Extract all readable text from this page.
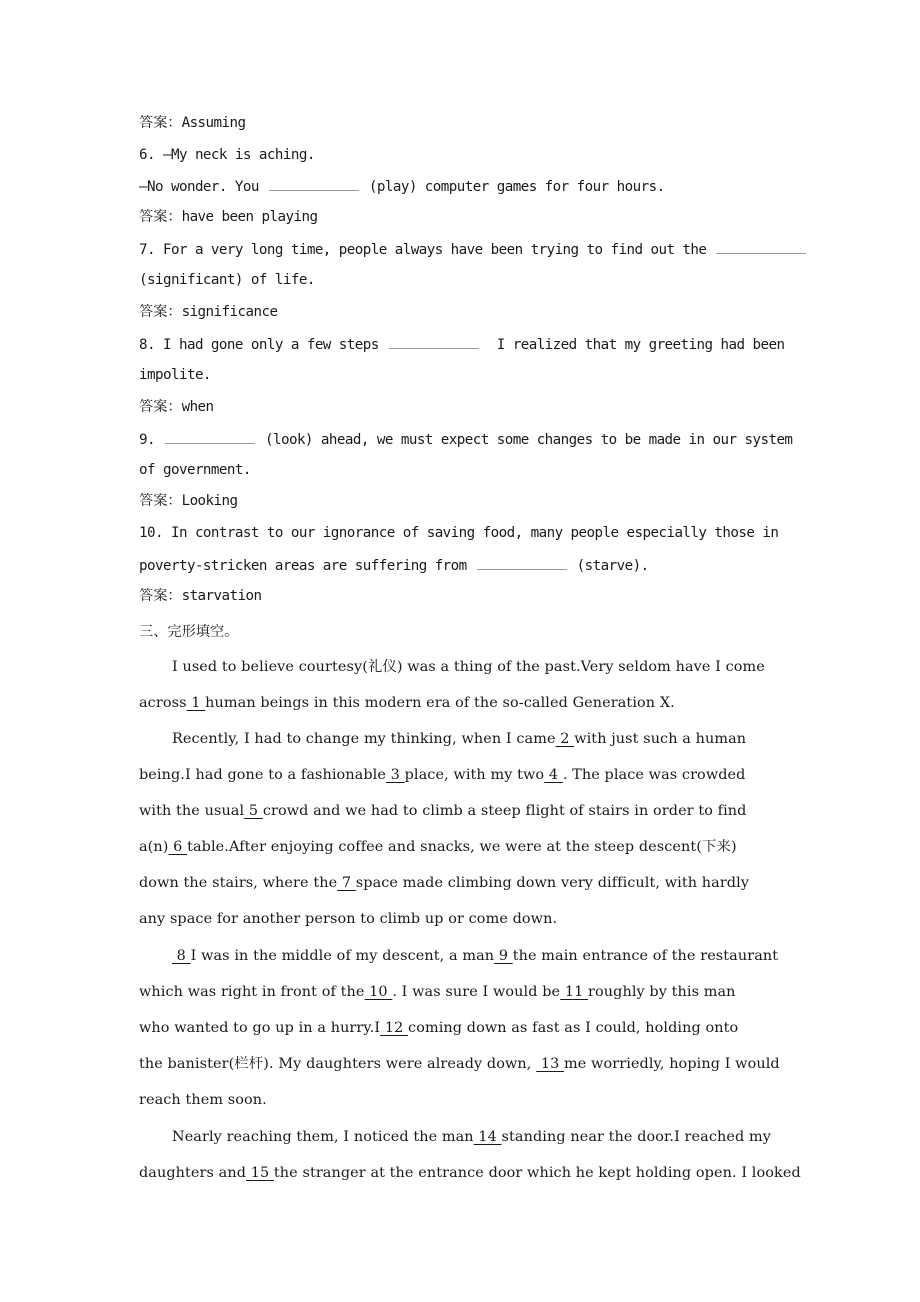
答案：Assuming
6. —My neck is aching.
—No wonder. You	(play) computer games for four hours.
答案：have been playing
7. For a very long time, people always have been trying to find out the
(significant) of life.
答案：significance
8. I had gone only a few steps	I realized that my greeting had been
impolite.
答案：when
9.	(look) ahead, we must expect some changes to be made in our system
of government.
答案：Looking
10. In contrast to our ignorance of saving food, many people especially those in
poverty-stricken areas are suffering from	(starve).
答案：starvation
三、完形填空。
I used to believe courtesy(礼仪) was a thing of the past.Very seldom have I come
across 1 human beings in this modern era of the so-called Generation X.
Recently, I had to change my thinking, when I came 2 with just such a human
being.I had gone to a fashionable 3 place, with my two 4 . The place was crowded
with the usual 5 crowd and we had to climb a steep flight of stairs in order to find
a(n) 6 table.After enjoying coffee and snacks, we were at the steep descent(下来)
down the stairs, where the 7 space made climbing down very difficult, with hardly
any space for another person to climb up or come down.
8 I was in the middle of my descent, a man 9 the main entrance of the restaurant
which was right in front of the 10 . I was sure I would be 11 roughly by this man
who wanted to go up in a hurry.I 12 coming down as fast as I could, holding onto
the banister(栏杆). My daughters were already down,  13 me worriedly, hoping I would
reach them soon.
Nearly reaching them, I noticed the man 14 standing near the door.I reached my
daughters and 15 the stranger at the entrance door which he kept holding open. I looked
